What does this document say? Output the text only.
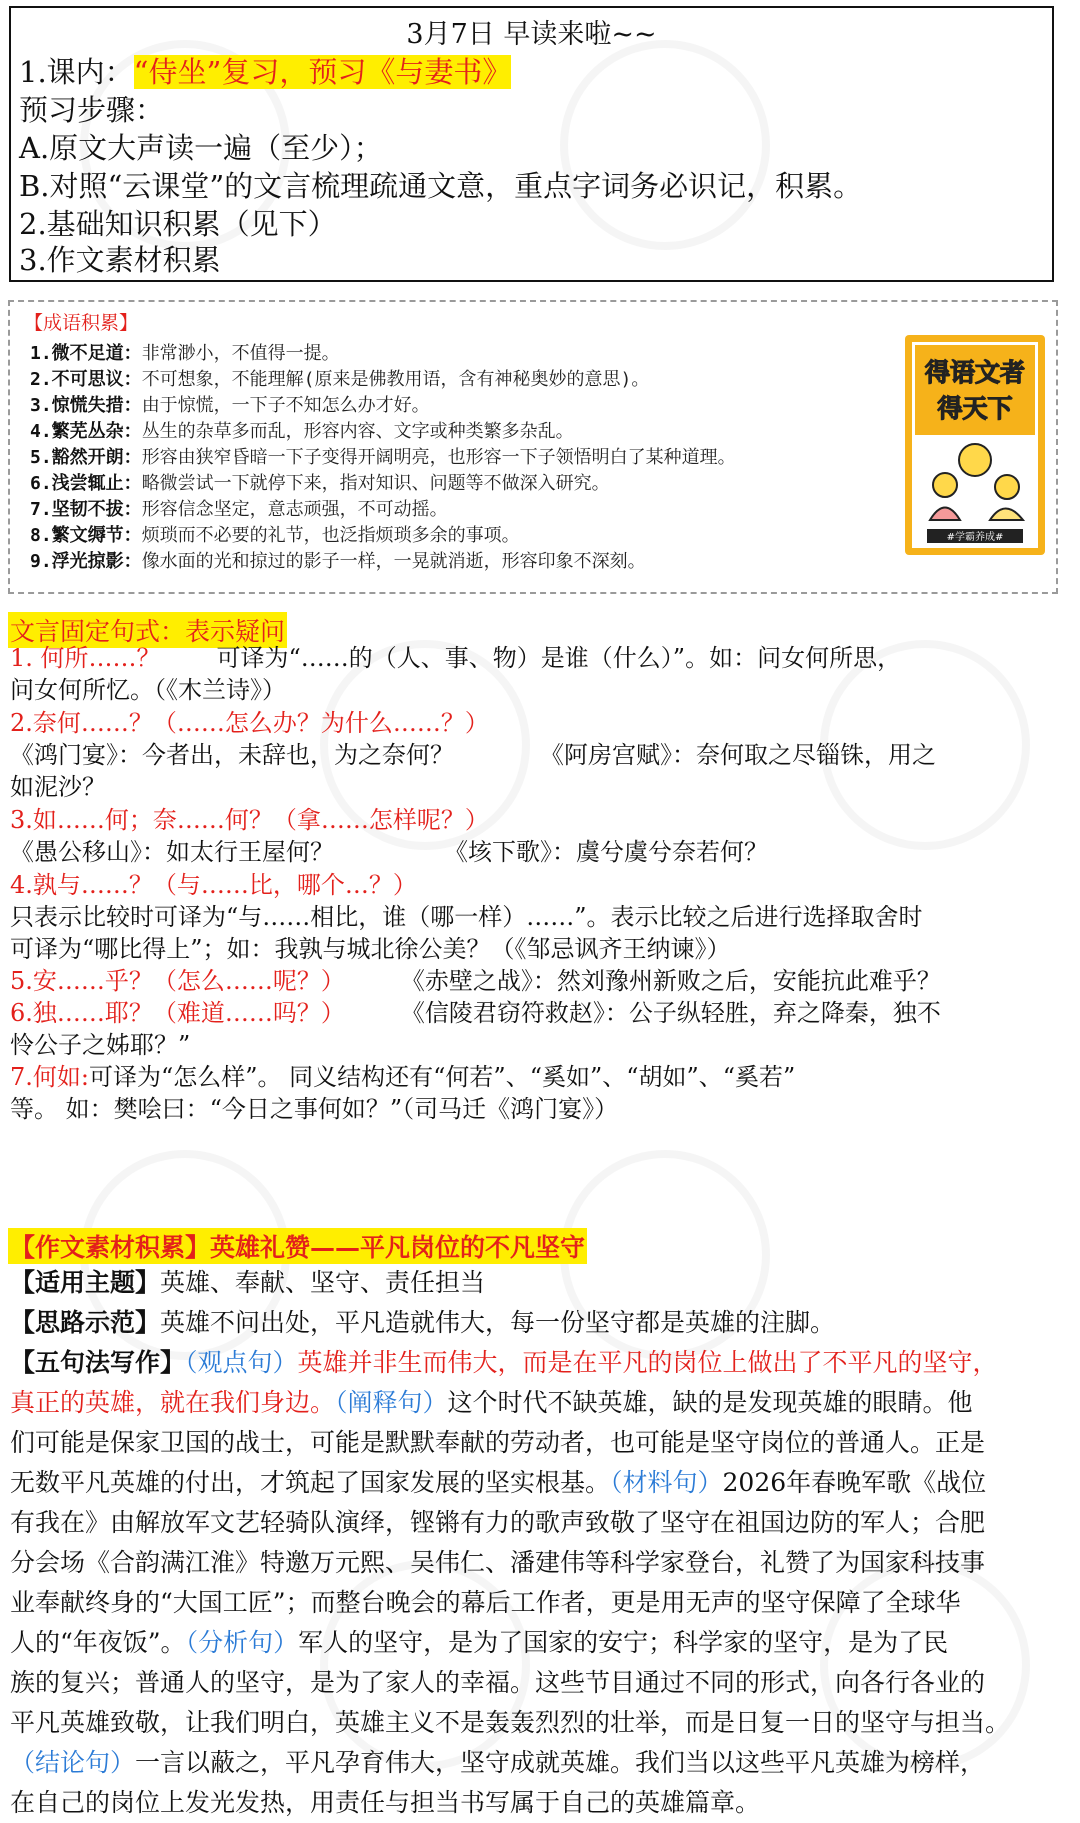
3月7日 早读来啦~~
1.课内：“侍坐”复习，预习《与妻书》
预习步骤：
A.原文大声读一遍（至少）；
B.对照“云课堂”的文言梳理疏通文意，重点字词务必识记，积累。
2.基础知识积累（见下）
3.作文素材积累
【成语积累】
1.微不足道：非常渺小，不值得一提。
2.不可思议：不可想象，不能理解(原来是佛教用语，含有神秘奥妙的意思)。
3.惊慌失措：由于惊慌，一下子不知怎么办才好。
4.繁芜丛杂：丛生的杂草多而乱，形容内容、文字或种类繁多杂乱。
5.豁然开朗：形容由狭窄昏暗一下子变得开阔明亮，也形容一下子领悟明白了某种道理。
6.浅尝辄止：略微尝试一下就停下来，指对知识、问题等不做深入研究。
7.坚韧不拔：形容信念坚定，意志顽强，不可动摇。
8.繁文缛节：烦琐而不必要的礼节，也泛指烦琐多余的事项。
9.浮光掠影：像水面的光和掠过的影子一样，一晃就消逝，形容印象不深刻。
得语文者
得天下
#学霸养成#
文言固定句式：表示疑问
1. 何所……？ 可译为“……的（人、事、物）是谁（什么）”。如：问女何所思，
问女何所忆。（《木兰诗》）
2.奈何……？（……怎么办？为什么……？）
《鸿门宴》：今者出，未辞也，为之奈何？	《阿房宫赋》：奈何取之尽锱铢，用之
如泥沙？
3.如……何；奈……何？（拿……怎样呢？）
《愚公移山》：如太行王屋何？	《垓下歌》：虞兮虞兮奈若何？
4.孰与……？（与……比，哪个…？）
只表示比较时可译为“与……相比，谁（哪一样）……”。表示比较之后进行选择取舍时
可译为“哪比得上”；如：我孰与城北徐公美？（《邹忌讽齐王纳谏》）
5.安……乎？（怎么……呢？） 《赤壁之战》：然刘豫州新败之后，安能抗此难乎？
6.独……耶？（难道……吗？） 《信陵君窃符救赵》：公子纵轻胜，弃之降秦，独不
怜公子之姊耶？”
7.何如:可译为“怎么样”。 同义结构还有“何若”、“奚如”、“胡如”、“奚若”
等。 如：樊哙曰：“今日之事何如？”（司马迁《鸿门宴》）
【作文素材积累】英雄礼赞——平凡岗位的不凡坚守
【适用主题】英雄、奉献、坚守、责任担当
【思路示范】英雄不问出处，平凡造就伟大，每一份坚守都是英雄的注脚。
【五句法写作】（观点句）英雄并非生而伟大，而是在平凡的岗位上做出了不平凡的坚守，
真正的英雄，就在我们身边。（阐释句）这个时代不缺英雄，缺的是发现英雄的眼睛。他
们可能是保家卫国的战士，可能是默默奉献的劳动者，也可能是坚守岗位的普通人。正是
无数平凡英雄的付出，才筑起了国家发展的坚实根基。（材料句）2026年春晚军歌《战位
有我在》由解放军文艺轻骑队演绎，铿锵有力的歌声致敬了坚守在祖国边防的军人；合肥
分会场《合韵满江淮》特邀万元熙、吴伟仁、潘建伟等科学家登台，礼赞了为国家科技事
业奉献终身的“大国工匠”；而整台晚会的幕后工作者，更是用无声的坚守保障了全球华
人的“年夜饭”。（分析句）军人的坚守，是为了国家的安宁；科学家的坚守，是为了民
族的复兴；普通人的坚守，是为了家人的幸福。这些节目通过不同的形式，向各行各业的
平凡英雄致敬，让我们明白，英雄主义不是轰轰烈烈的壮举，而是日复一日的坚守与担当。
（结论句）一言以蔽之，平凡孕育伟大，坚守成就英雄。我们当以这些平凡英雄为榜样，
在自己的岗位上发光发热，用责任与担当书写属于自己的英雄篇章。
